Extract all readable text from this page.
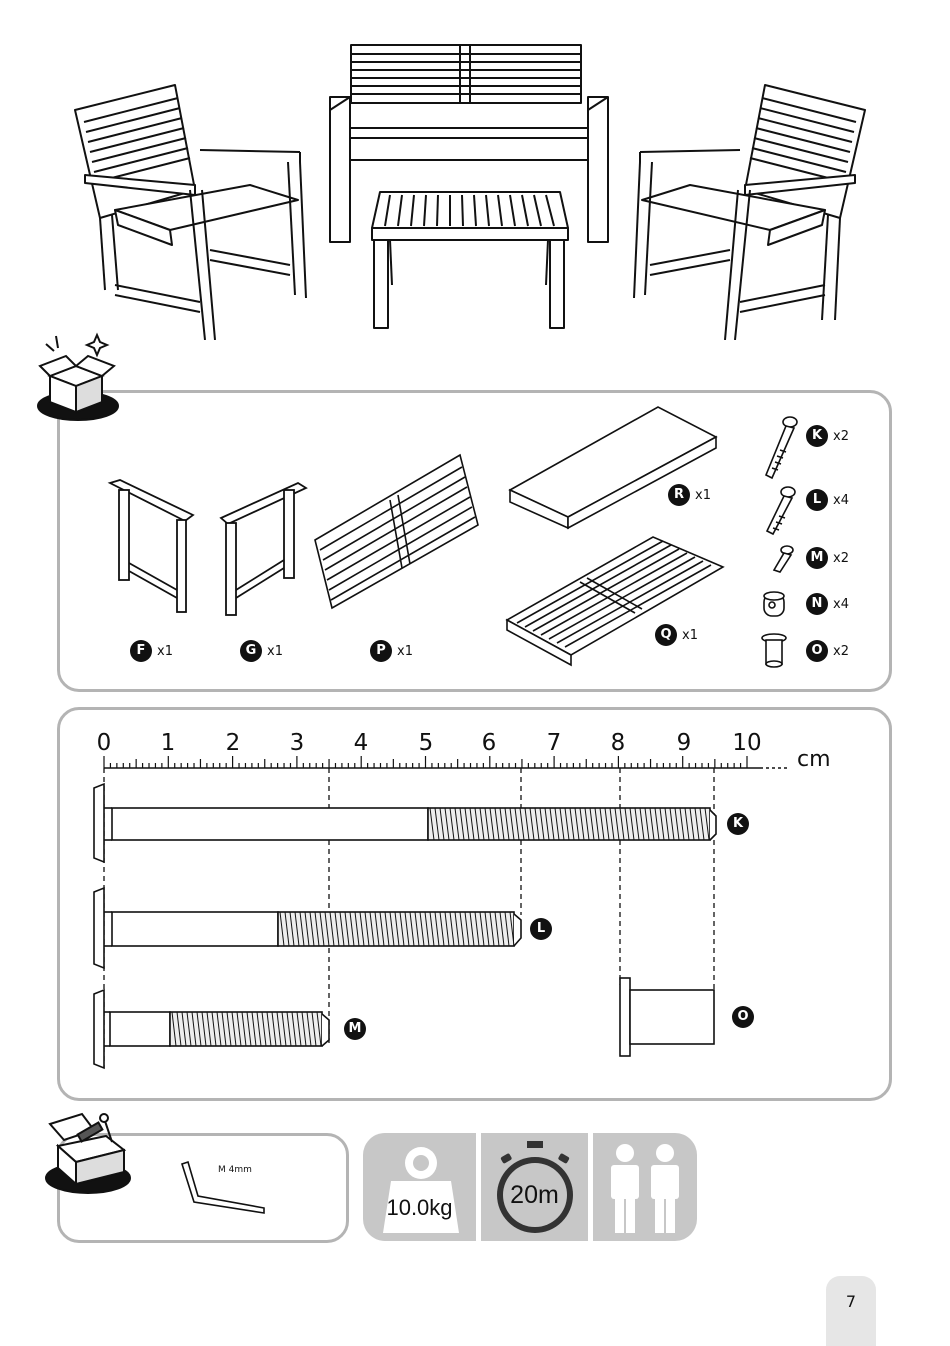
F x1	G x1	P x1
R x1
Q x1
K x2
L x4
M x2
N x4
O x2
0 1 2 3 4 5 6 7 8 9 10
cm
K
L
M
O
M 4mm
10.0kg	20m
7
